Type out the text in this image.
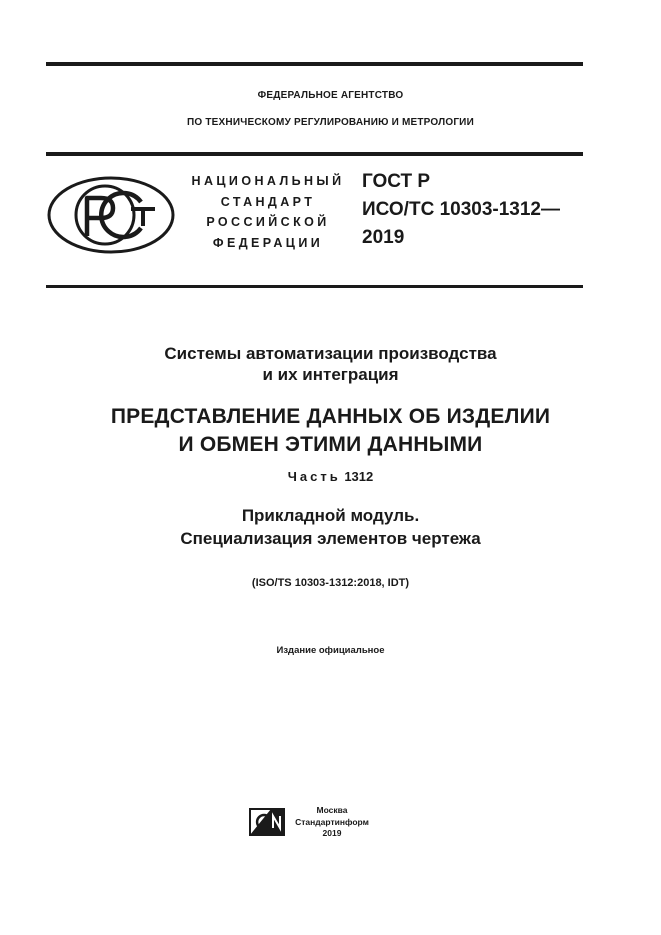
ФЕДЕРАЛЬНОЕ АГЕНТСТВО
ПО ТЕХНИЧЕСКОМУ РЕГУЛИРОВАНИЮ И МЕТРОЛОГИИ
НАЦИОНАЛЬНЫЙ
СТАНДАРТ
РОССИЙСКОЙ
ФЕДЕРАЦИИ
ГОСТ Р
ИСО/ТС 10303-1312—
2019
Системы автоматизации производства
и их интеграция
ПРЕДСТАВЛЕНИЕ ДАННЫХ ОБ ИЗДЕЛИИ
И ОБМЕН ЭТИМИ ДАННЫМИ
Часть 1312
Прикладной модуль.
Специализация элементов чертежа
(ISO/TS 10303-1312:2018, IDT)
Издание официальное
Москва
Стандартинформ
2019
